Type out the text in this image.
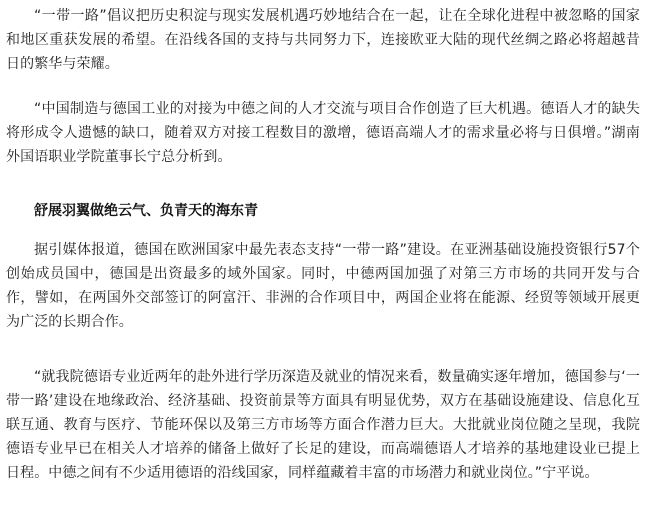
“一带一路”倡议把历史积淀与现实发展机遇巧妙地结合在一起，让在全球化进程中被忽略的国家和地区重获发展的希望。在沿线各国的支持与共同努力下，连接欧亚大陆的现代丝绸之路必将超越昔日的繁华与荣耀。

“中国制造与德国工业的对接为中德之间的人才交流与项目合作创造了巨大机遇。德语人才的缺失将形成令人遗憾的缺口，随着双方对接工程数目的激增，德语高端人才的需求量必将与日俱增。”湖南外国语职业学院董事长宁总分析到。

舒展羽翼做绝云气、负青天的海东青

据引媒体报道，德国在欧洲国家中最先表态支持“一带一路”建设。在亚洲基础设施投资银行57个创始成员国中，德国是出资最多的域外国家。同时，中德两国加强了对第三方市场的共同开发与合作，譬如，在两国外交部签订的阿富汗、非洲的合作项目中，两国企业将在能源、经贸等领域开展更为广泛的长期合作。

“就我院德语专业近两年的赴外进行学历深造及就业的情况来看，数量确实逐年增加，德国参与‘一带一路’建设在地缘政治、经济基础、投资前景等方面具有明显优势，双方在基础设施建设、信息化互联互通、教育与医疗、节能环保以及第三方市场等方面合作潜力巨大。大批就业岗位随之呈现，我院德语专业早已在相关人才培养的储备上做好了长足的建设，而高端德语人才培养的基地建设业已提上日程。中德之间有不少适用德语的沿线国家，同样蕴藏着丰富的市场潜力和就业岗位。”宁平说。
